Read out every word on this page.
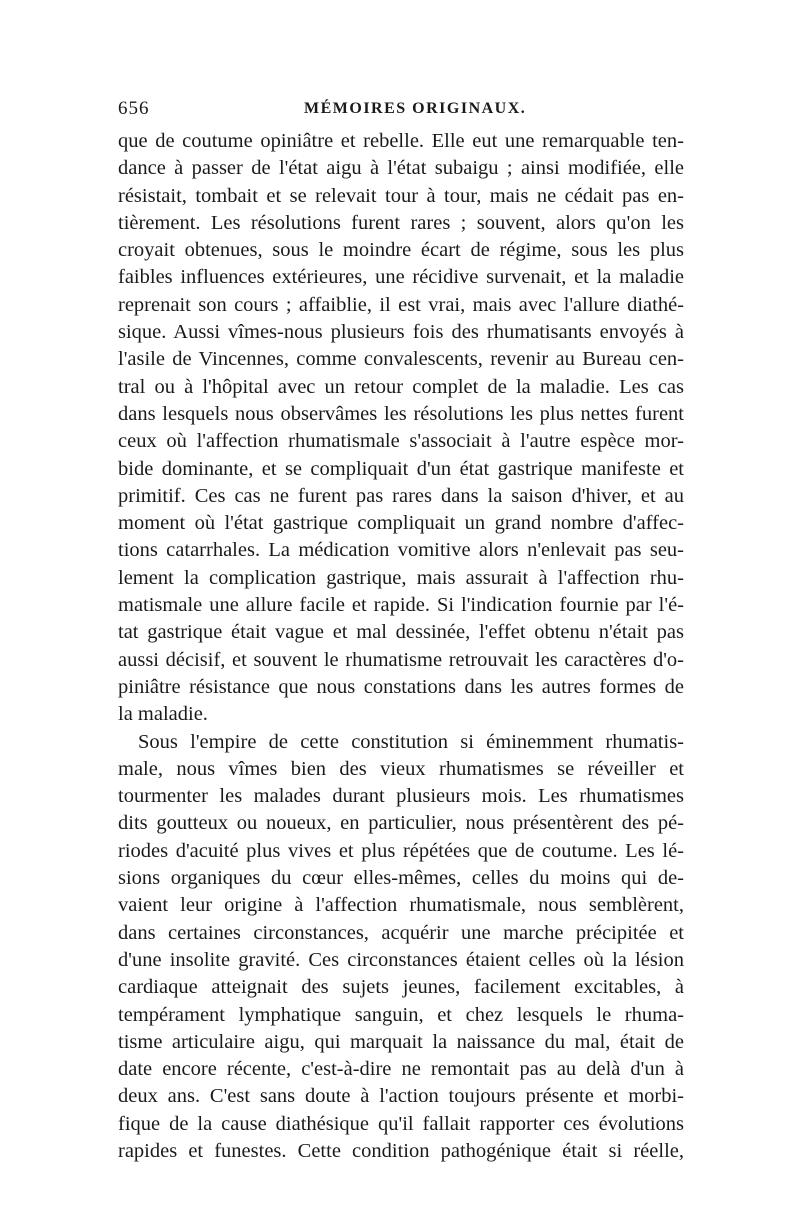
656	MÉMOIRES ORIGINAUX.
que de coutume opiniâtre et rebelle. Elle eut une remarquable ten-
dance à passer de l'état aigu à l'état subaigu ; ainsi modifiée, elle
résistait, tombait et se relevait tour à tour, mais ne cédait pas en-
tièrement. Les résolutions furent rares ; souvent, alors qu'on les
croyait obtenues, sous le moindre écart de régime, sous les plus
faibles influences extérieures, une récidive survenait, et la maladie
reprenait son cours ; affaiblie, il est vrai, mais avec l'allure diathé-
sique. Aussi vîmes-nous plusieurs fois des rhumatisants envoyés à
l'asile de Vincennes, comme convalescents, revenir au Bureau cen-
tral ou à l'hôpital avec un retour complet de la maladie. Les cas
dans lesquels nous observâmes les résolutions les plus nettes furent
ceux où l'affection rhumatismale s'associait à l'autre espèce mor-
bide dominante, et se compliquait d'un état gastrique manifeste et
primitif. Ces cas ne furent pas rares dans la saison d'hiver, et au
moment où l'état gastrique compliquait un grand nombre d'affec-
tions catarrhales. La médication vomitive alors n'enlevait pas seu-
lement la complication gastrique, mais assurait à l'affection rhu-
matismale une allure facile et rapide. Si l'indication fournie par l'é-
tat gastrique était vague et mal dessinée, l'effet obtenu n'était pas
aussi décisif, et souvent le rhumatisme retrouvait les caractères d'o-
piniâtre résistance que nous constations dans les autres formes de
la maladie.
Sous l'empire de cette constitution si éminemment rhumatis-
male, nous vîmes bien des vieux rhumatismes se réveiller et
tourmenter les malades durant plusieurs mois. Les rhumatismes
dits goutteux ou noueux, en particulier, nous présentèrent des pé-
riodes d'acuité plus vives et plus répétées que de coutume. Les lé-
sions organiques du cœur elles-mêmes, celles du moins qui de-
vaient leur origine à l'affection rhumatismale, nous semblèrent,
dans certaines circonstances, acquérir une marche précipitée et
d'une insolite gravité. Ces circonstances étaient celles où la lésion
cardiaque atteignait des sujets jeunes, facilement excitables, à
tempérament lymphatique sanguin, et chez lesquels le rhuma-
tisme articulaire aigu, qui marquait la naissance du mal, était de
date encore récente, c'est-à-dire ne remontait pas au delà d'un à
deux ans. C'est sans doute à l'action toujours présente et morbi-
fique de la cause diathésique qu'il fallait rapporter ces évolutions
rapides et funestes. Cette condition pathogénique était si réelle,
